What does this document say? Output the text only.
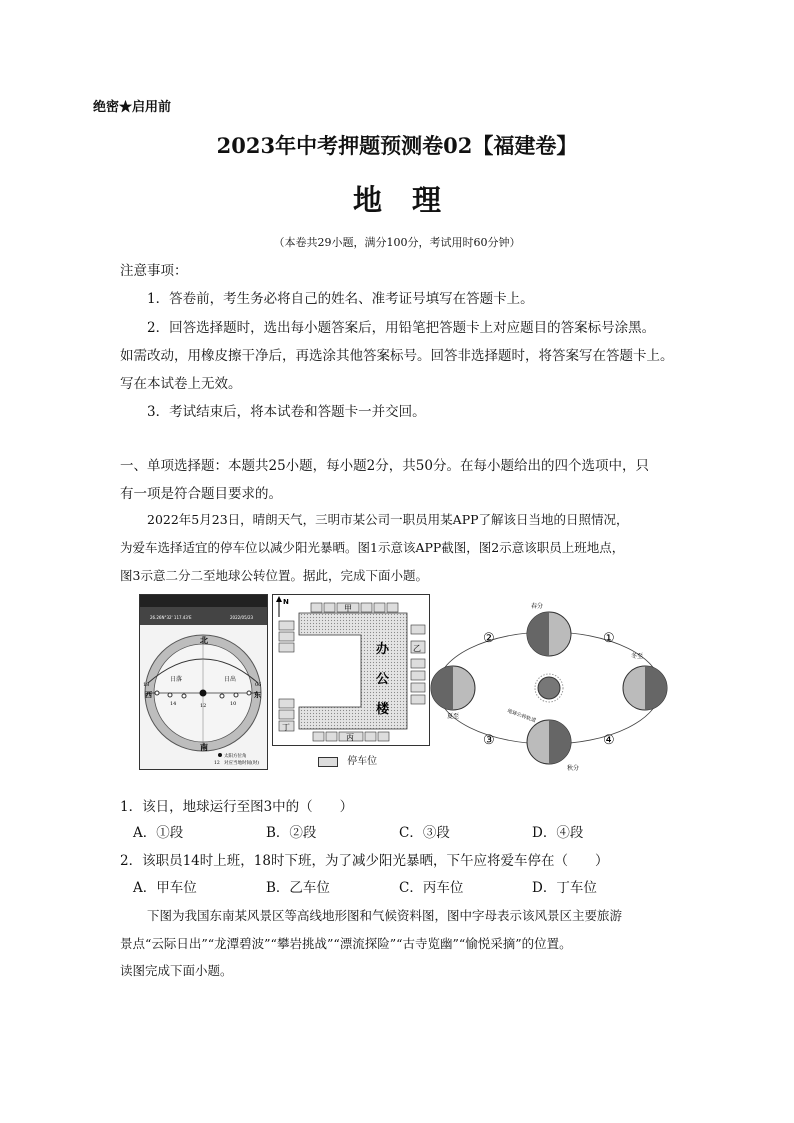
绝密★启用前
2023年中考押题预测卷02【福建卷】
地理
（本卷共29小题，满分100分，考试用时60分钟）
注意事项：
1．答卷前，考生务必将自己的姓名、准考证号填写在答题卡上。
2．回答选择题时，选出每小题答案后，用铅笔把答题卡上对应题目的答案标号涂黑。
如需改动，用橡皮擦干净后，再选涂其他答案标号。回答非选择题时，将答案写在答题卡上。
写在本试卷上无效。
3．考试结束后，将本试卷和答题卡一并交回。
一、单项选择题：本题共25小题，每小题2分，共50分。在每小题给出的四个选项中，只
有一项是符合题目要求的。
2022年5月23日，晴朗天气，三明市某公司一职员用某APP了解该日当地的日照情况，
为爱车选择适宜的停车位以减少阳光暴晒。图1示意该APP截图，图2示意该职员上班地点，
图3示意二分二至地球公转位置。据此，完成下面小题。
26.26N°32' 117.43'E	2022/05/23
北
南
西	东
日落	日出
18
14	12	10
06
太阳方位角
12 对应当地时间(时)
N
甲
丁
乙
丙
办
公
楼
停车位
②	①
③	④
春分
冬至
秋分
夏至	地球公转轨道
1．该日，地球运行至图3中的（　　）
A．①段	B．②段	C．③段	D．④段
2．该职员14时上班，18时下班，为了减少阳光暴晒，下午应将爱车停在（　　）
A．甲车位	B．乙车位	C．丙车位	D．丁车位
下图为我国东南某风景区等高线地形图和气候资料图，图中字母表示该风景区主要旅游
景点“云际日出”“龙潭碧波”“攀岩挑战”“漂流探险”“古寺览幽”“愉悦采摘”的位置。
读图完成下面小题。
